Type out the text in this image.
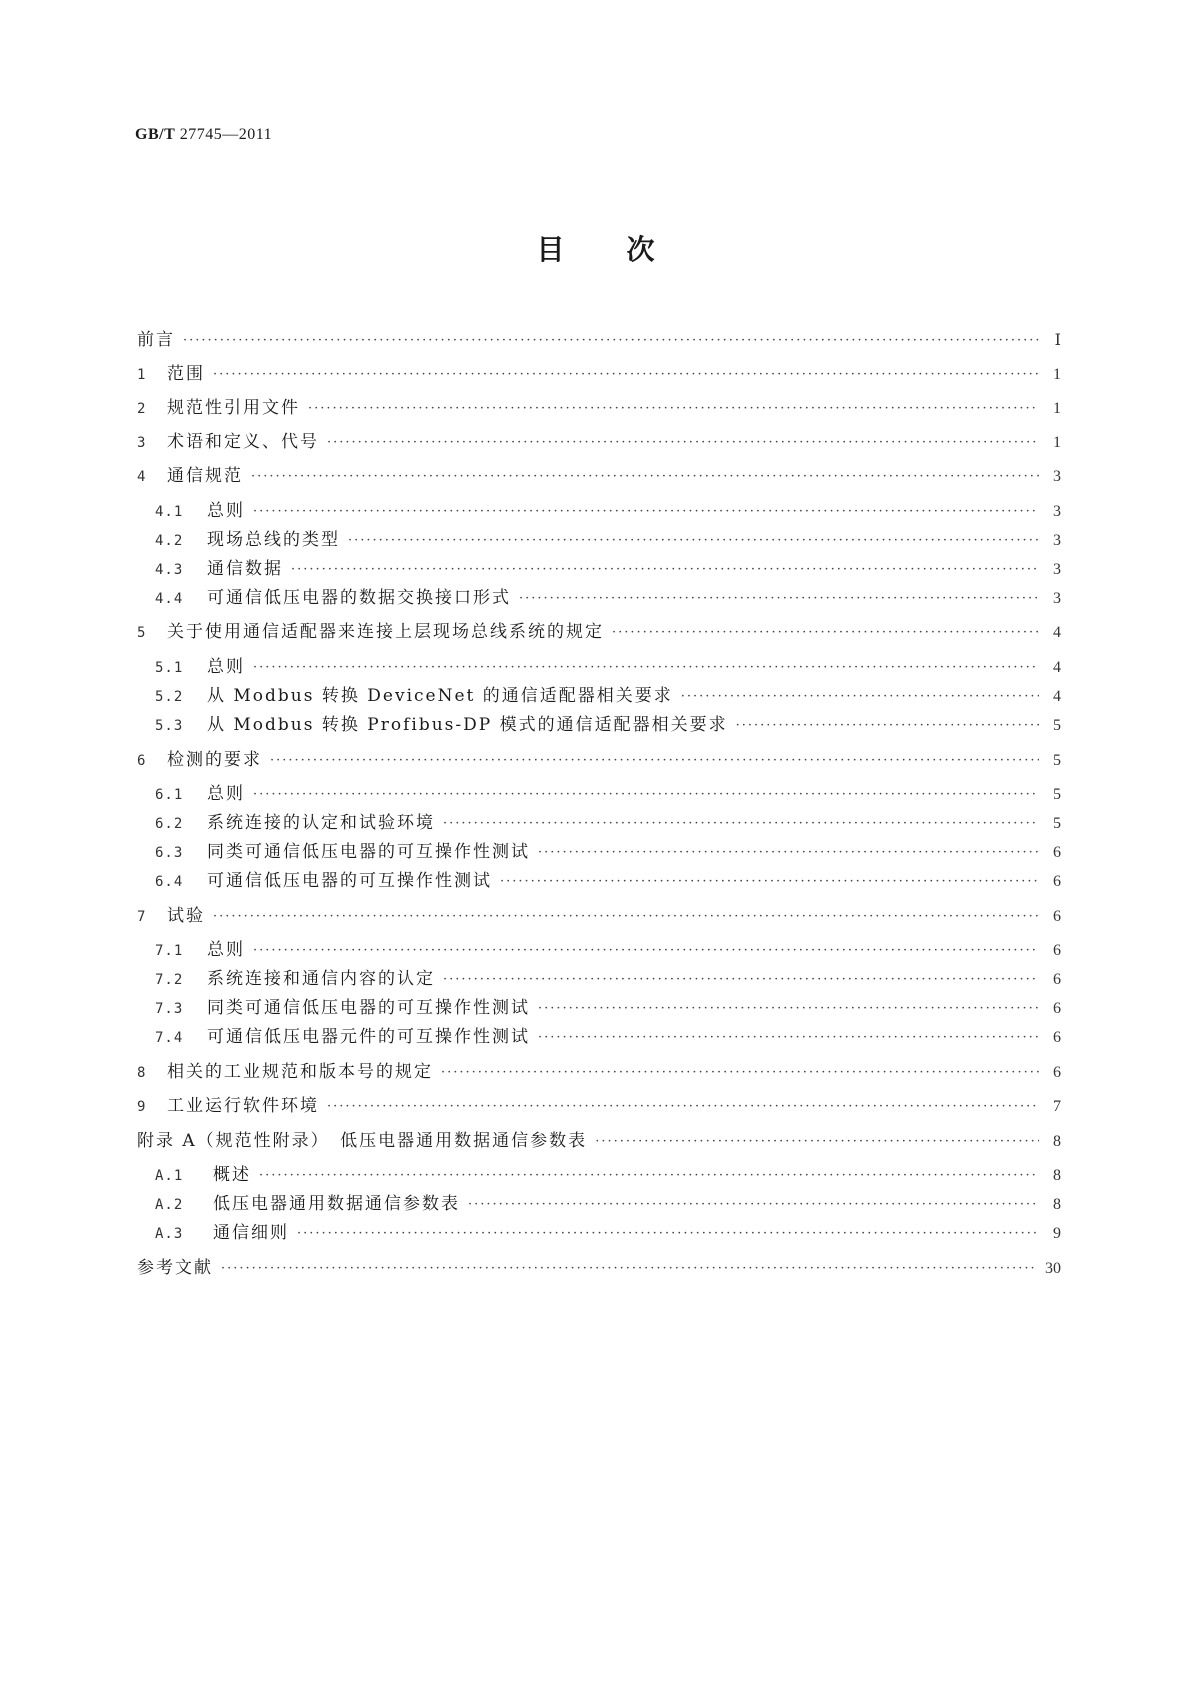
GB/T 27745—2011
目次
前言 ·····	Ⅰ
1	范围 ·····	1
2	规范性引用文件 ·····	1
3	术语和定义、代号 ·····	1
4	通信规范 ·····	3
4.1	总则 ·····	3
4.2	现场总线的类型 ·····	3
4.3	通信数据 ·····	3
4.4	可通信低压电器的数据交换接口形式 ·····	3
5	关于使用通信适配器来连接上层现场总线系统的规定 ·····	4
5.1	总则 ·····	4
5.2	从 Modbus 转换 DeviceNet 的通信适配器相关要求 ·····	4
5.3	从 Modbus 转换 Profibus-DP 模式的通信适配器相关要求 ·····	5
6	检测的要求 ·····	5
6.1	总则 ·····	5
6.2	系统连接的认定和试验环境 ·····	5
6.3	同类可通信低压电器的可互操作性测试 ·····	6
6.4	可通信低压电器的可互操作性测试 ·····	6
7	试验 ·····	6
7.1	总则 ·····	6
7.2	系统连接和通信内容的认定 ·····	6
7.3	同类可通信低压电器的可互操作性测试 ·····	6
7.4	可通信低压电器元件的可互操作性测试 ·····	6
8	相关的工业规范和版本号的规定 ·····	6
9	工业运行软件环境 ·····	7
附录 A（规范性附录）　低压电器通用数据通信参数表 ·····	8
A.1	概述 ·····	8
A.2	低压电器通用数据通信参数表 ·····	8
A.3	通信细则 ·····	9
参考文献 ·····	30
